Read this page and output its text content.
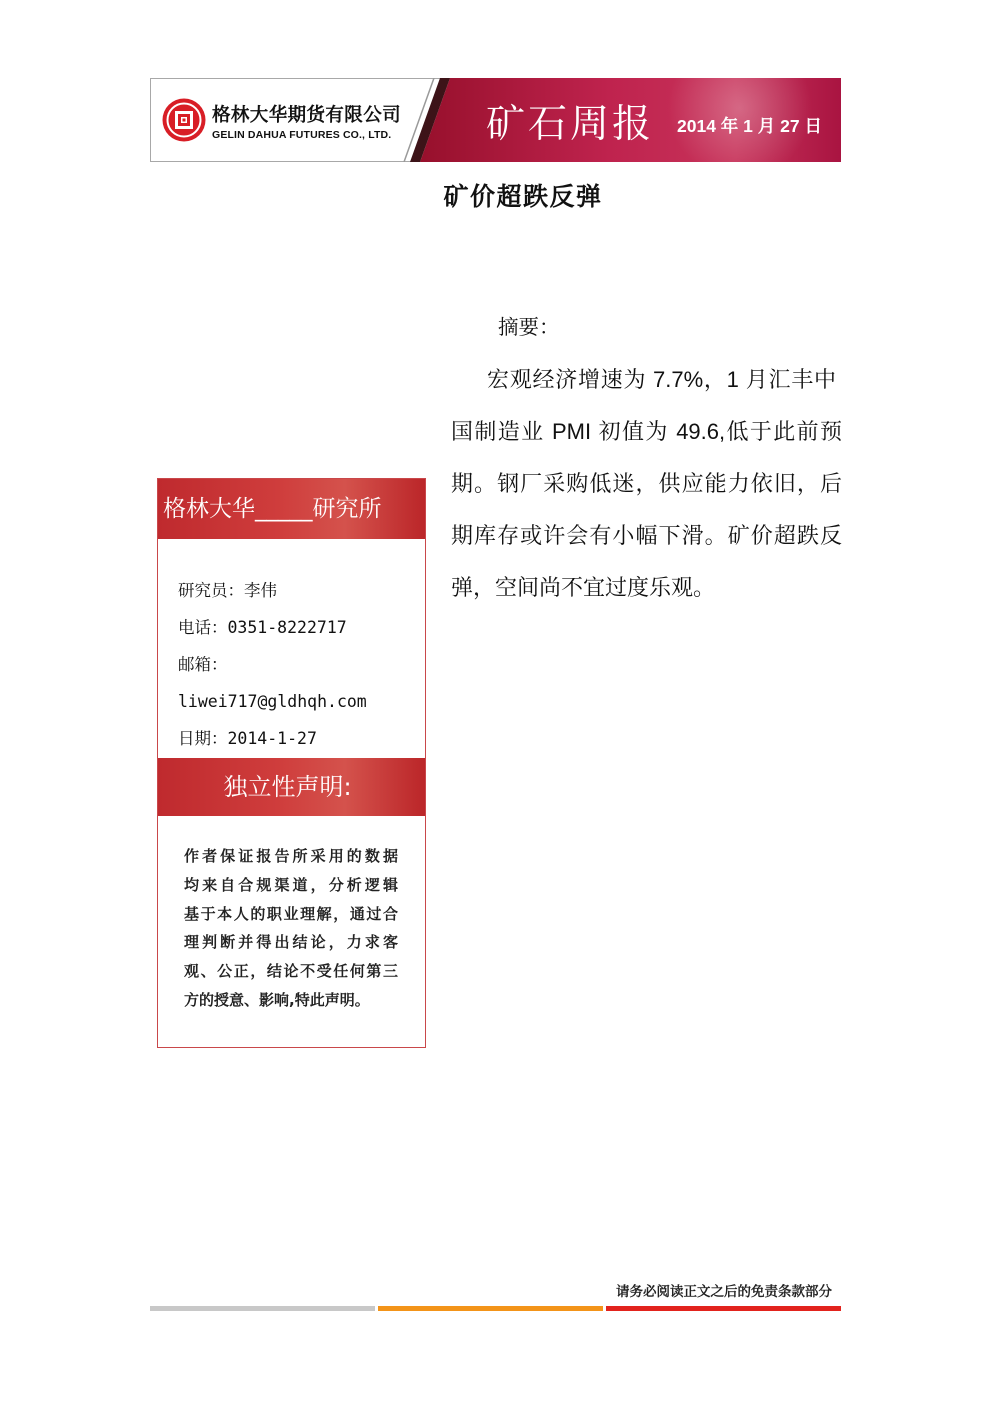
格林大华期货有限公司
GELIN DAHUA FUTURES CO., LTD. 矿石周报 2014 年 1 月 27 日
矿价超跌反弹
格林大华_____研究所
研究员：李伟
电话：0351-8222717
邮箱：
liwei717@gldhqh.com
日期：2014-1-27
独立性声明:
作者保证报告所采用的数据
均来自合规渠道，分析逻辑
基于本人的职业理解，通过合
理判断并得出结论，力求客
观、公正，结论不受任何第三
方的授意、影响,特此声明。
摘要：
宏观经济增速为 7.7%，1 月汇丰中
国制造业 PMI 初值为 49.6,低于此前预
期。钢厂采购低迷，供应能力依旧，后
期库存或许会有小幅下滑。矿价超跌反
弹，空间尚不宜过度乐观。
请务必阅读正文之后的免责条款部分
